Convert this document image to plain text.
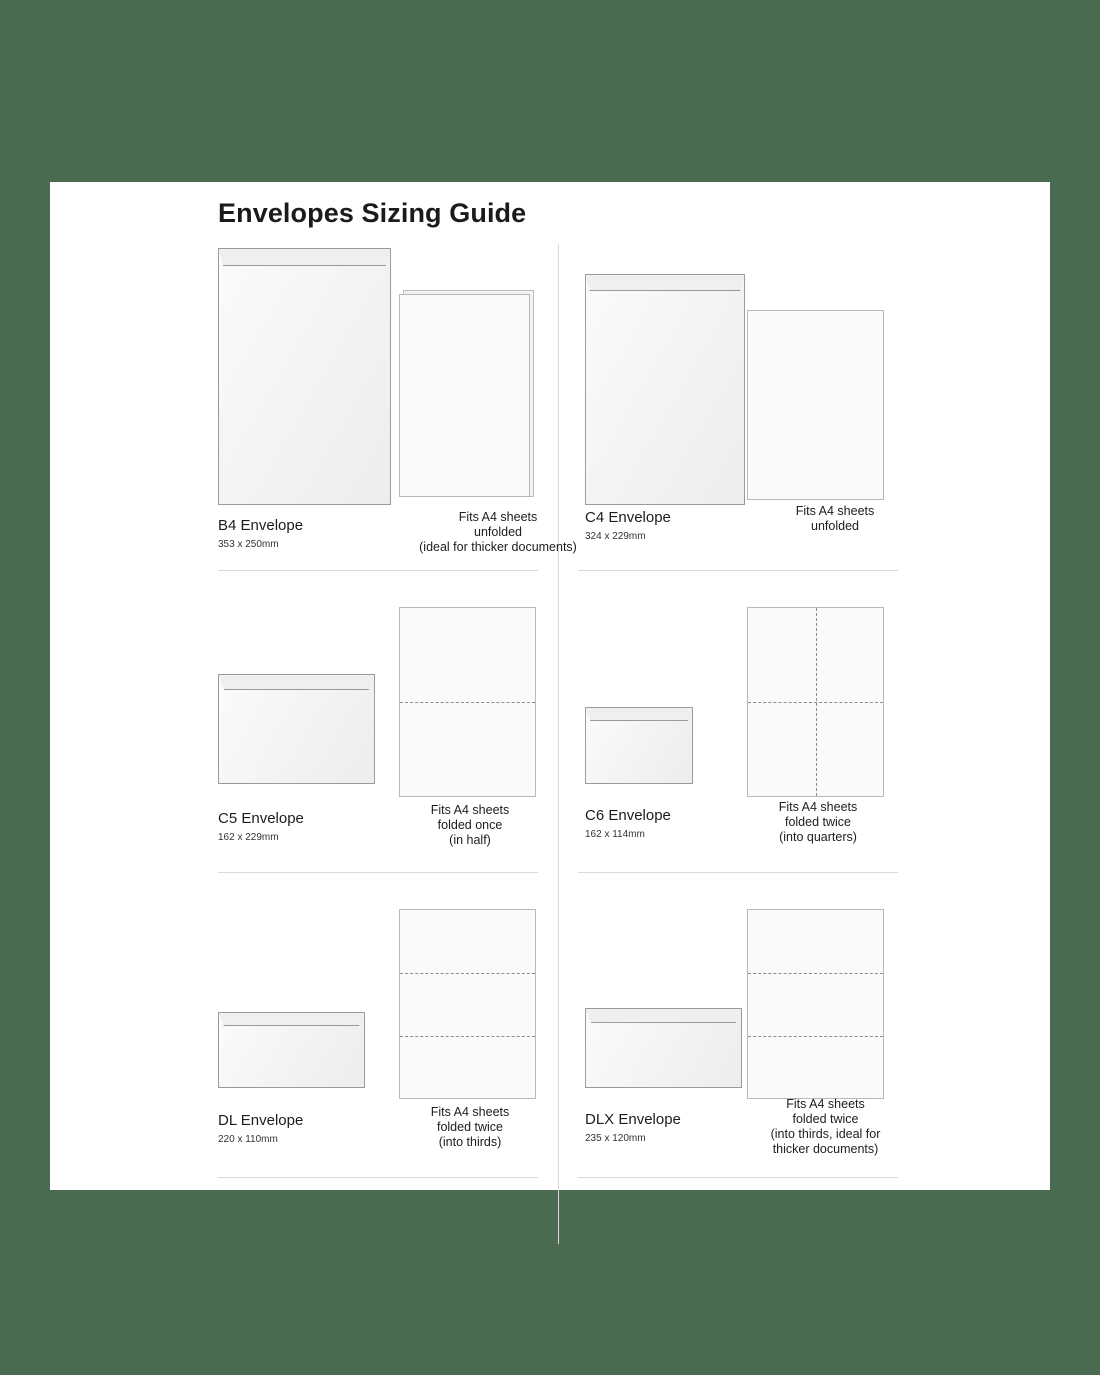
Envelopes Sizing Guide
B4 Envelope
353 x 250mm
Fits A4 sheets
unfolded
(ideal for thicker documents)
C4 Envelope
324 x 229mm
Fits A4 sheets
unfolded
C5 Envelope
162 x 229mm
Fits A4 sheets
folded once
(in half)
C6 Envelope
162 x 114mm
Fits A4 sheets
folded twice
(into quarters)
DL Envelope
220 x 110mm
Fits A4 sheets
folded twice
(into thirds)
DLX Envelope
235 x 120mm
Fits A4 sheets
folded twice
(into thirds, ideal for
thicker documents)
